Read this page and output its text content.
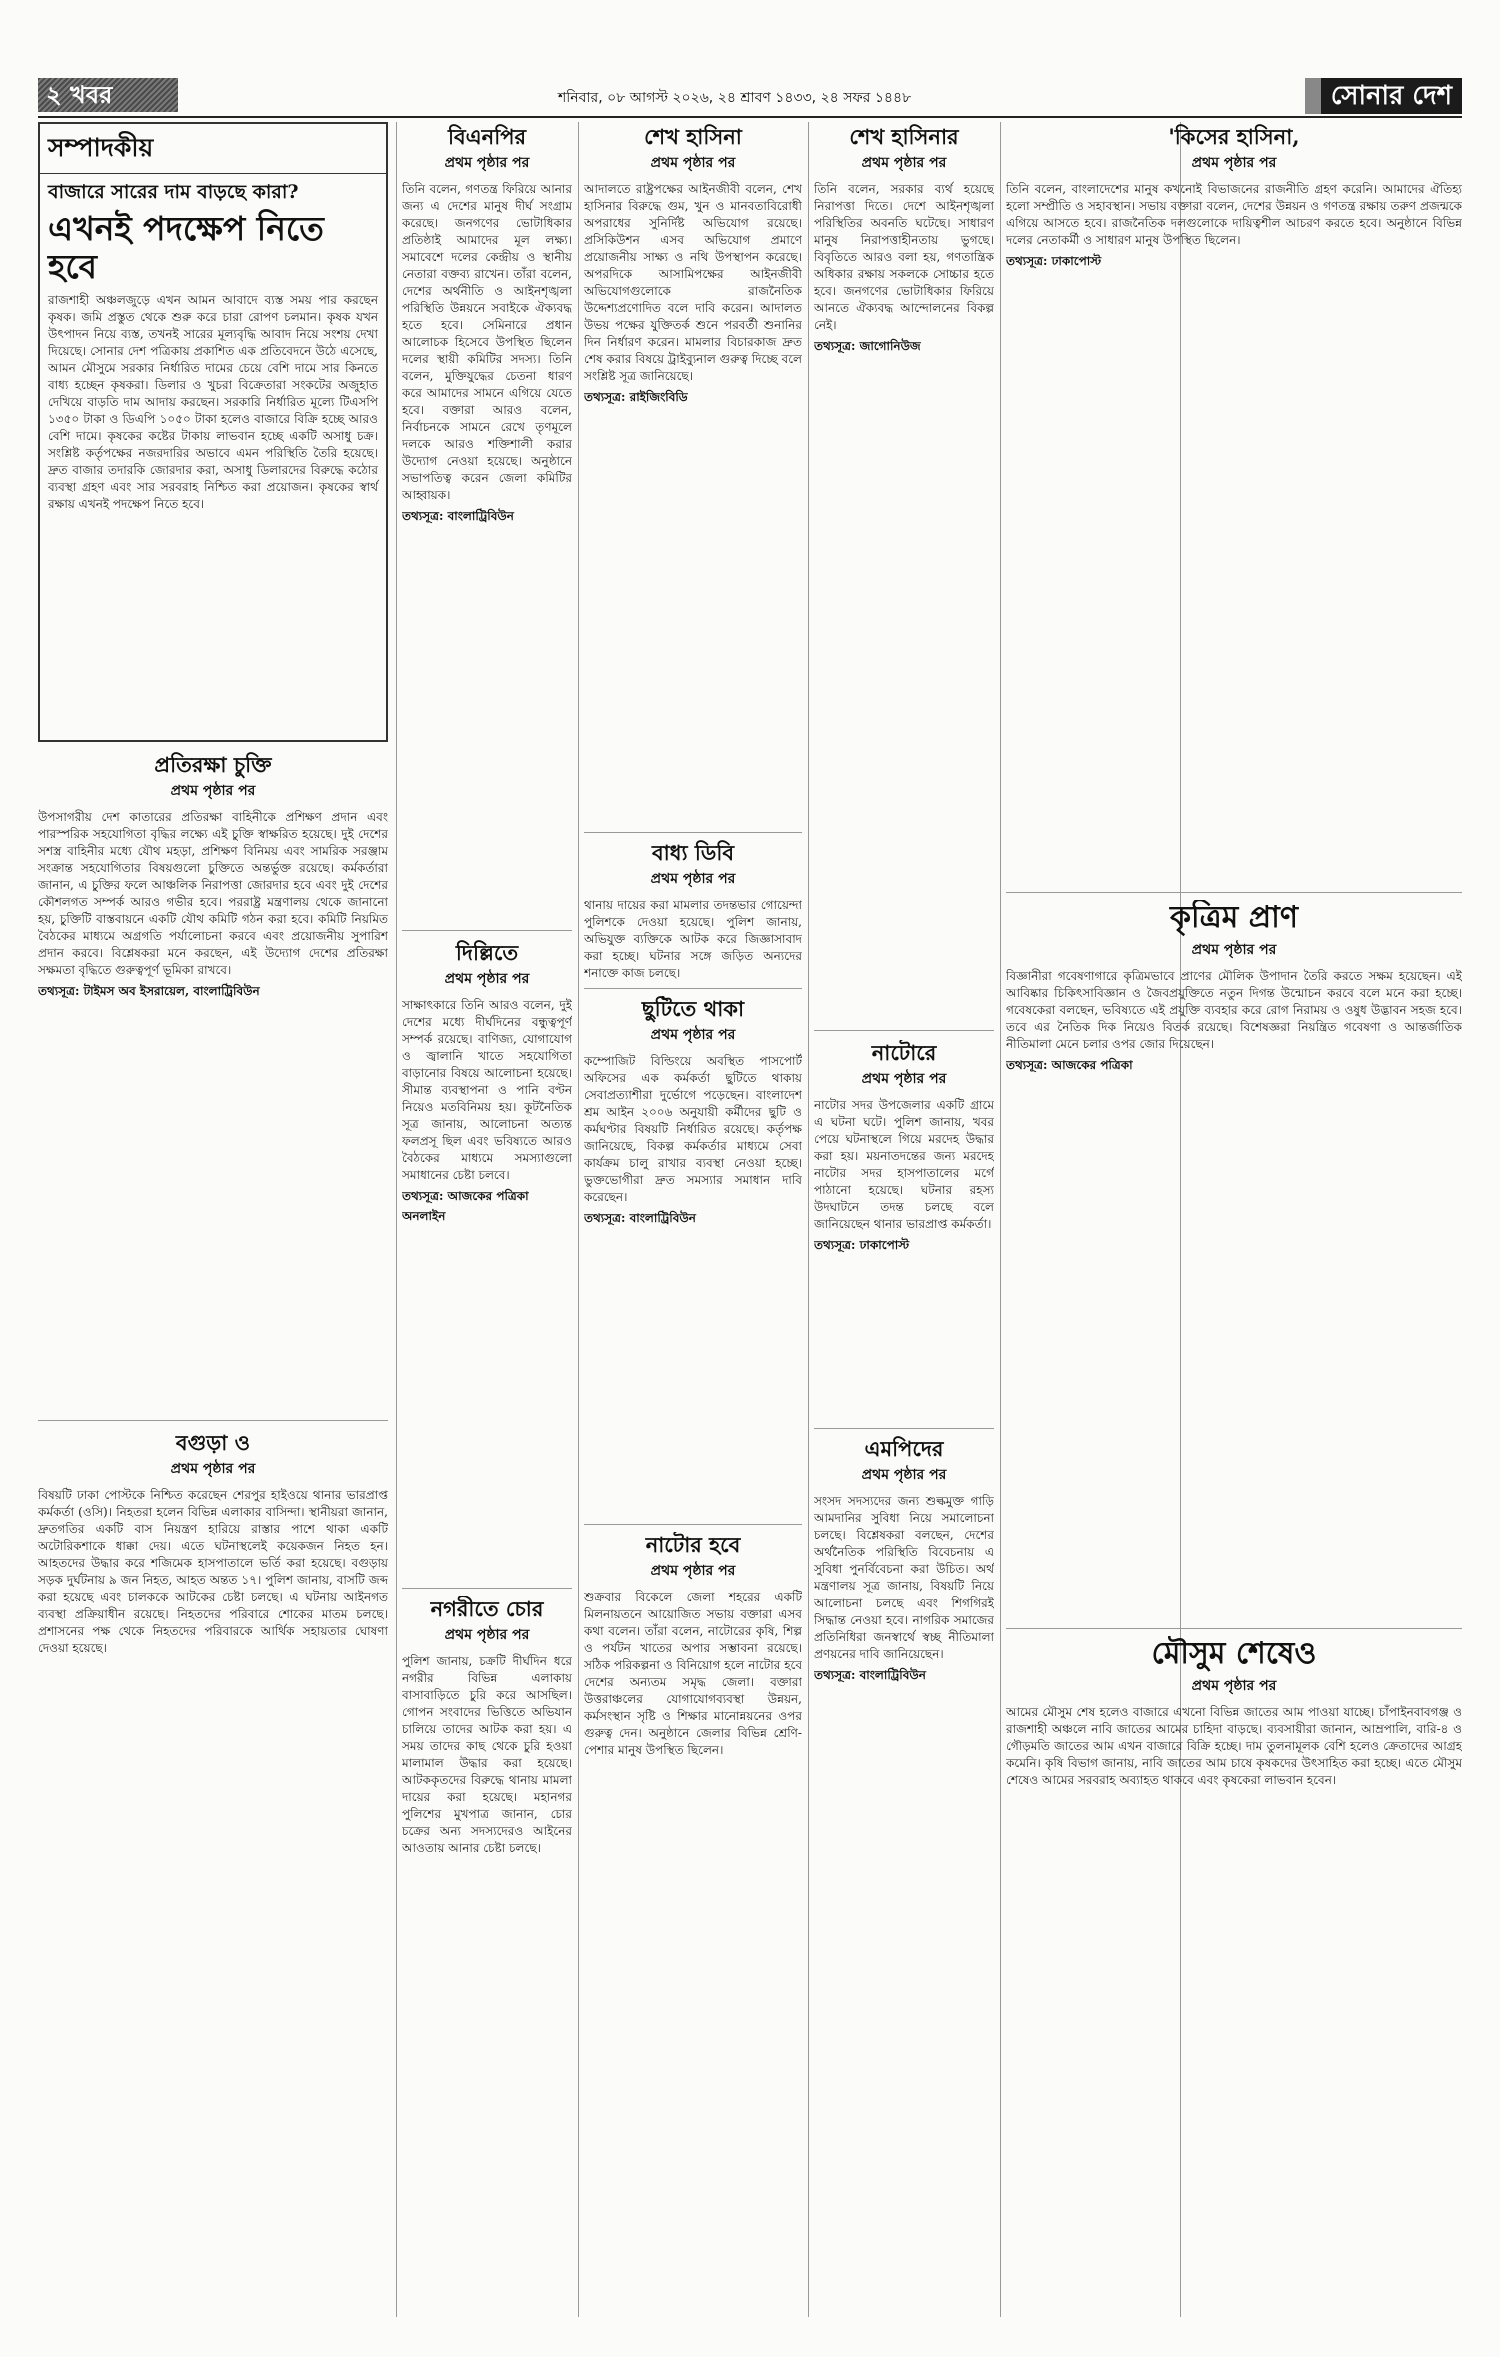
২ খবর	শনিবার, ০৮ আগস্ট ২০২৬, ২৪ শ্রাবণ ১৪৩৩, ২৪ সফর ১৪৪৮	সোনার দেশ
সম্পাদকীয়
বাজারে সারের দাম বাড়ছে কারা?
এখনই পদক্ষেপ নিতে হবে
রাজশাহী অঞ্চলজুড়ে এখন আমন আবাদে ব্যস্ত সময় পার করছেন কৃষক। জমি প্রস্তুত থেকে শুরু করে চারা রোপণ চলমান। কৃষক যখন উৎপাদন নিয়ে ব্যস্ত, তখনই সারের মূল্যবৃদ্ধি আবাদ নিয়ে সংশয় দেখা দিয়েছে। সোনার দেশ পত্রিকায় প্রকাশিত এক প্রতিবেদনে উঠে এসেছে, আমন মৌসুমে সরকার নির্ধারিত দামের চেয়ে বেশি দামে সার কিনতে বাধ্য হচ্ছেন কৃষকরা। ডিলার ও খুচরা বিক্রেতারা সংকটের অজুহাত দেখিয়ে বাড়তি দাম আদায় করছেন। সরকারি নির্ধারিত মূল্যে টিএসপি ১৩৫০ টাকা ও ডিএপি ১০৫০ টাকা হলেও বাজারে বিক্রি হচ্ছে আরও বেশি দামে। কৃষকের কষ্টের টাকায় লাভবান হচ্ছে একটি অসাধু চক্র। সংশ্লিষ্ট কর্তৃপক্ষের নজরদারির অভাবে এমন পরিস্থিতি তৈরি হয়েছে। দ্রুত বাজার তদারকি জোরদার করা, অসাধু ডিলারদের বিরুদ্ধে কঠোর ব্যবস্থা গ্রহণ এবং সার সরবরাহ নিশ্চিত করা প্রয়োজন। কৃষকের স্বার্থ রক্ষায় এখনই পদক্ষেপ নিতে হবে।
প্রতিরক্ষা চুক্তি
প্রথম পৃষ্ঠার পর
উপসাগরীয় দেশ কাতারের প্রতিরক্ষা বাহিনীকে প্রশিক্ষণ প্রদান এবং পারস্পরিক সহযোগিতা বৃদ্ধির লক্ষ্যে এই চুক্তি স্বাক্ষরিত হয়েছে। দুই দেশের সশস্ত্র বাহিনীর মধ্যে যৌথ মহড়া, প্রশিক্ষণ বিনিময় এবং সামরিক সরঞ্জাম সংক্রান্ত সহযোগিতার বিষয়গুলো চুক্তিতে অন্তর্ভুক্ত রয়েছে। কর্মকর্তারা জানান, এ চুক্তির ফলে আঞ্চলিক নিরাপত্তা জোরদার হবে এবং দুই দেশের কৌশলগত সম্পর্ক আরও গভীর হবে। পররাষ্ট্র মন্ত্রণালয় থেকে জানানো হয়, চুক্তিটি বাস্তবায়নে একটি যৌথ কমিটি গঠন করা হবে। কমিটি নিয়মিত বৈঠকের মাধ্যমে অগ্রগতি পর্যালোচনা করবে এবং প্রয়োজনীয় সুপারিশ প্রদান করবে। বিশ্লেষকরা মনে করছেন, এই উদ্যোগ দেশের প্রতিরক্ষা সক্ষমতা বৃদ্ধিতে গুরুত্বপূর্ণ ভূমিকা রাখবে।
তথ্যসূত্র: টাইমস অব ইসরায়েল, বাংলাট্রিবিউন
বগুড়া ও
প্রথম পৃষ্ঠার পর
বিষয়টি ঢাকা পোস্টকে নিশ্চিত করেছেন শেরপুর হাইওয়ে থানার ভারপ্রাপ্ত কর্মকর্তা (ওসি)। নিহতরা হলেন বিভিন্ন এলাকার বাসিন্দা। স্থানীয়রা জানান, দ্রুতগতির একটি বাস নিয়ন্ত্রণ হারিয়ে রাস্তার পাশে থাকা একটি অটোরিকশাকে ধাক্কা দেয়। এতে ঘটনাস্থলেই কয়েকজন নিহত হন। আহতদের উদ্ধার করে শজিমেক হাসপাতালে ভর্তি করা হয়েছে। বগুড়ায় সড়ক দুর্ঘটনায় ৯ জন নিহত, আহত অন্তত ১৭। পুলিশ জানায়, বাসটি জব্দ করা হয়েছে এবং চালককে আটকের চেষ্টা চলছে। এ ঘটনায় আইনগত ব্যবস্থা প্রক্রিয়াধীন রয়েছে। নিহতদের পরিবারে শোকের মাতম চলছে। প্রশাসনের পক্ষ থেকে নিহতদের পরিবারকে আর্থিক সহায়তার ঘোষণা দেওয়া হয়েছে।
বিএনপির
প্রথম পৃষ্ঠার পর
তিনি বলেন, গণতন্ত্র ফিরিয়ে আনার জন্য এ দেশের মানুষ দীর্ঘ সংগ্রাম করেছে। জনগণের ভোটাধিকার প্রতিষ্ঠাই আমাদের মূল লক্ষ্য। সমাবেশে দলের কেন্দ্রীয় ও স্থানীয় নেতারা বক্তব্য রাখেন। তাঁরা বলেন, দেশের অর্থনীতি ও আইনশৃঙ্খলা পরিস্থিতি উন্নয়নে সবাইকে ঐক্যবদ্ধ হতে হবে। সেমিনারে প্রধান আলোচক হিসেবে উপস্থিত ছিলেন দলের স্থায়ী কমিটির সদস্য। তিনি বলেন, মুক্তিযুদ্ধের চেতনা ধারণ করে আমাদের সামনে এগিয়ে যেতে হবে। বক্তারা আরও বলেন, নির্বাচনকে সামনে রেখে তৃণমূলে দলকে আরও শক্তিশালী করার উদ্যোগ নেওয়া হয়েছে। অনুষ্ঠানে সভাপতিত্ব করেন জেলা কমিটির আহ্বায়ক।
তথ্যসূত্র: বাংলাট্রিবিউন
দিল্লিতে
প্রথম পৃষ্ঠার পর
সাক্ষাৎকারে তিনি আরও বলেন, দুই দেশের মধ্যে দীর্ঘদিনের বন্ধুত্বপূর্ণ সম্পর্ক রয়েছে। বাণিজ্য, যোগাযোগ ও জ্বালানি খাতে সহযোগিতা বাড়ানোর বিষয়ে আলোচনা হয়েছে। সীমান্ত ব্যবস্থাপনা ও পানি বণ্টন নিয়েও মতবিনিময় হয়। কূটনৈতিক সূত্র জানায়, আলোচনা অত্যন্ত ফলপ্রসূ ছিল এবং ভবিষ্যতে আরও বৈঠকের মাধ্যমে সমস্যাগুলো সমাধানের চেষ্টা চলবে।
তথ্যসূত্র: আজকের পত্রিকা অনলাইন
নগরীতে চোর
প্রথম পৃষ্ঠার পর
পুলিশ জানায়, চক্রটি দীর্ঘদিন ধরে নগরীর বিভিন্ন এলাকায় বাসাবাড়িতে চুরি করে আসছিল। গোপন সংবাদের ভিত্তিতে অভিযান চালিয়ে তাদের আটক করা হয়। এ সময় তাদের কাছ থেকে চুরি হওয়া মালামাল উদ্ধার করা হয়েছে। আটককৃতদের বিরুদ্ধে থানায় মামলা দায়ের করা হয়েছে। মহানগর পুলিশের মুখপাত্র জানান, চোর চক্রের অন্য সদস্যদেরও আইনের আওতায় আনার চেষ্টা চলছে।
শেখ হাসিনা
প্রথম পৃষ্ঠার পর
আদালতে রাষ্ট্রপক্ষের আইনজীবী বলেন, শেখ হাসিনার বিরুদ্ধে গুম, খুন ও মানবতাবিরোধী অপরাধের সুনির্দিষ্ট অভিযোগ রয়েছে। প্রসিকিউশন এসব অভিযোগ প্রমাণে প্রয়োজনীয় সাক্ষ্য ও নথি উপস্থাপন করেছে। অপরদিকে আসামিপক্ষের আইনজীবী অভিযোগগুলোকে রাজনৈতিক উদ্দেশ্যপ্রণোদিত বলে দাবি করেন। আদালত উভয় পক্ষের যুক্তিতর্ক শুনে পরবর্তী শুনানির দিন নির্ধারণ করেন। মামলার বিচারকাজ দ্রুত শেষ করার বিষয়ে ট্রাইব্যুনাল গুরুত্ব দিচ্ছে বলে সংশ্লিষ্ট সূত্র জানিয়েছে।
তথ্যসূত্র: রাইজিংবিডি
বাধ্য ডিবি
প্রথম পৃষ্ঠার পর
থানায় দায়ের করা মামলার তদন্তভার গোয়েন্দা পুলিশকে দেওয়া হয়েছে। পুলিশ জানায়, অভিযুক্ত ব্যক্তিকে আটক করে জিজ্ঞাসাবাদ করা হচ্ছে। ঘটনার সঙ্গে জড়িত অন্যদের শনাক্তে কাজ চলছে।
ছুটিতে থাকা
প্রথম পৃষ্ঠার পর
কম্পোজিট বিল্ডিংয়ে অবস্থিত পাসপোর্ট অফিসের এক কর্মকর্তা ছুটিতে থাকায় সেবাপ্রত্যাশীরা দুর্ভোগে পড়েছেন। বাংলাদেশ শ্রম আইন ২০০৬ অনুযায়ী কর্মীদের ছুটি ও কর্মঘণ্টার বিষয়টি নির্ধারিত রয়েছে। কর্তৃপক্ষ জানিয়েছে, বিকল্প কর্মকর্তার মাধ্যমে সেবা কার্যক্রম চালু রাখার ব্যবস্থা নেওয়া হচ্ছে। ভুক্তভোগীরা দ্রুত সমস্যার সমাধান দাবি করেছেন।
তথ্যসূত্র: বাংলাট্রিবিউন
নাটোর হবে
প্রথম পৃষ্ঠার পর
শুক্রবার বিকেলে জেলা শহরের একটি মিলনায়তনে আয়োজিত সভায় বক্তারা এসব কথা বলেন। তাঁরা বলেন, নাটোরের কৃষি, শিল্প ও পর্যটন খাতের অপার সম্ভাবনা রয়েছে। সঠিক পরিকল্পনা ও বিনিয়োগ হলে নাটোর হবে দেশের অন্যতম সমৃদ্ধ জেলা। বক্তারা উত্তরাঞ্চলের যোগাযোগব্যবস্থা উন্নয়ন, কর্মসংস্থান সৃষ্টি ও শিক্ষার মানোন্নয়নের ওপর গুরুত্ব দেন। অনুষ্ঠানে জেলার বিভিন্ন শ্রেণি-পেশার মানুষ উপস্থিত ছিলেন।
শেখ হাসিনার
প্রথম পৃষ্ঠার পর
তিনি বলেন, সরকার ব্যর্থ হয়েছে নিরাপত্তা দিতে। দেশে আইনশৃঙ্খলা পরিস্থিতির অবনতি ঘটেছে। সাধারণ মানুষ নিরাপত্তাহীনতায় ভুগছে। বিবৃতিতে আরও বলা হয়, গণতান্ত্রিক অধিকার রক্ষায় সকলকে সোচ্চার হতে হবে। জনগণের ভোটাধিকার ফিরিয়ে আনতে ঐক্যবদ্ধ আন্দোলনের বিকল্প নেই।
তথ্যসূত্র: জাগোনিউজ
নাটোরে
প্রথম পৃষ্ঠার পর
নাটোর সদর উপজেলার একটি গ্রামে এ ঘটনা ঘটে। পুলিশ জানায়, খবর পেয়ে ঘটনাস্থলে গিয়ে মরদেহ উদ্ধার করা হয়। ময়নাতদন্তের জন্য মরদেহ নাটোর সদর হাসপাতালের মর্গে পাঠানো হয়েছে। ঘটনার রহস্য উদঘাটনে তদন্ত চলছে বলে জানিয়েছেন থানার ভারপ্রাপ্ত কর্মকর্তা।
তথ্যসূত্র: ঢাকাপোস্ট
এমপিদের
প্রথম পৃষ্ঠার পর
সংসদ সদস্যদের জন্য শুল্কমুক্ত গাড়ি আমদানির সুবিধা নিয়ে সমালোচনা চলছে। বিশ্লেষকরা বলছেন, দেশের অর্থনৈতিক পরিস্থিতি বিবেচনায় এ সুবিধা পুনর্বিবেচনা করা উচিত। অর্থ মন্ত্রণালয় সূত্র জানায়, বিষয়টি নিয়ে আলোচনা চলছে এবং শিগগিরই সিদ্ধান্ত নেওয়া হবে। নাগরিক সমাজের প্রতিনিধিরা জনস্বার্থে স্বচ্ছ নীতিমালা প্রণয়নের দাবি জানিয়েছেন।
তথ্যসূত্র: বাংলাট্রিবিউন
'কিসের হাসিনা,
প্রথম পৃষ্ঠার পর
তিনি বলেন, বাংলাদেশের মানুষ কখনোই বিভাজনের রাজনীতি গ্রহণ করেনি। আমাদের ঐতিহ্য হলো সম্প্রীতি ও সহাবস্থান। সভায় বক্তারা বলেন, দেশের উন্নয়ন ও গণতন্ত্র রক্ষায় তরুণ প্রজন্মকে এগিয়ে আসতে হবে। রাজনৈতিক দলগুলোকে দায়িত্বশীল আচরণ করতে হবে। অনুষ্ঠানে বিভিন্ন দলের নেতাকর্মী ও সাধারণ মানুষ উপস্থিত ছিলেন।
তথ্যসূত্র: ঢাকাপোস্ট
কৃত্রিম প্রাণ
প্রথম পৃষ্ঠার পর
বিজ্ঞানীরা গবেষণাগারে কৃত্রিমভাবে প্রাণের মৌলিক উপাদান তৈরি করতে সক্ষম হয়েছেন। এই আবিষ্কার চিকিৎসাবিজ্ঞান ও জৈবপ্রযুক্তিতে নতুন দিগন্ত উন্মোচন করবে বলে মনে করা হচ্ছে। গবেষকেরা বলছেন, ভবিষ্যতে এই প্রযুক্তি ব্যবহার করে রোগ নিরাময় ও ওষুধ উদ্ভাবন সহজ হবে। তবে এর নৈতিক দিক নিয়েও বিতর্ক রয়েছে। বিশেষজ্ঞরা নিয়ন্ত্রিত গবেষণা ও আন্তর্জাতিক নীতিমালা মেনে চলার ওপর জোর দিয়েছেন।
তথ্যসূত্র: আজকের পত্রিকা
মৌসুম শেষেও
প্রথম পৃষ্ঠার পর
আমের মৌসুম শেষ হলেও বাজারে এখনো বিভিন্ন জাতের আম পাওয়া যাচ্ছে। চাঁপাইনবাবগঞ্জ ও রাজশাহী অঞ্চলে নাবি জাতের আমের চাহিদা বাড়ছে। ব্যবসায়ীরা জানান, আম্রপালি, বারি-৪ ও গৌড়মতি জাতের আম এখন বাজারে বিক্রি হচ্ছে। দাম তুলনামূলক বেশি হলেও ক্রেতাদের আগ্রহ কমেনি। কৃষি বিভাগ জানায়, নাবি জাতের আম চাষে কৃষকদের উৎসাহিত করা হচ্ছে। এতে মৌসুম শেষেও আমের সরবরাহ অব্যাহত থাকবে এবং কৃষকেরা লাভবান হবেন।
